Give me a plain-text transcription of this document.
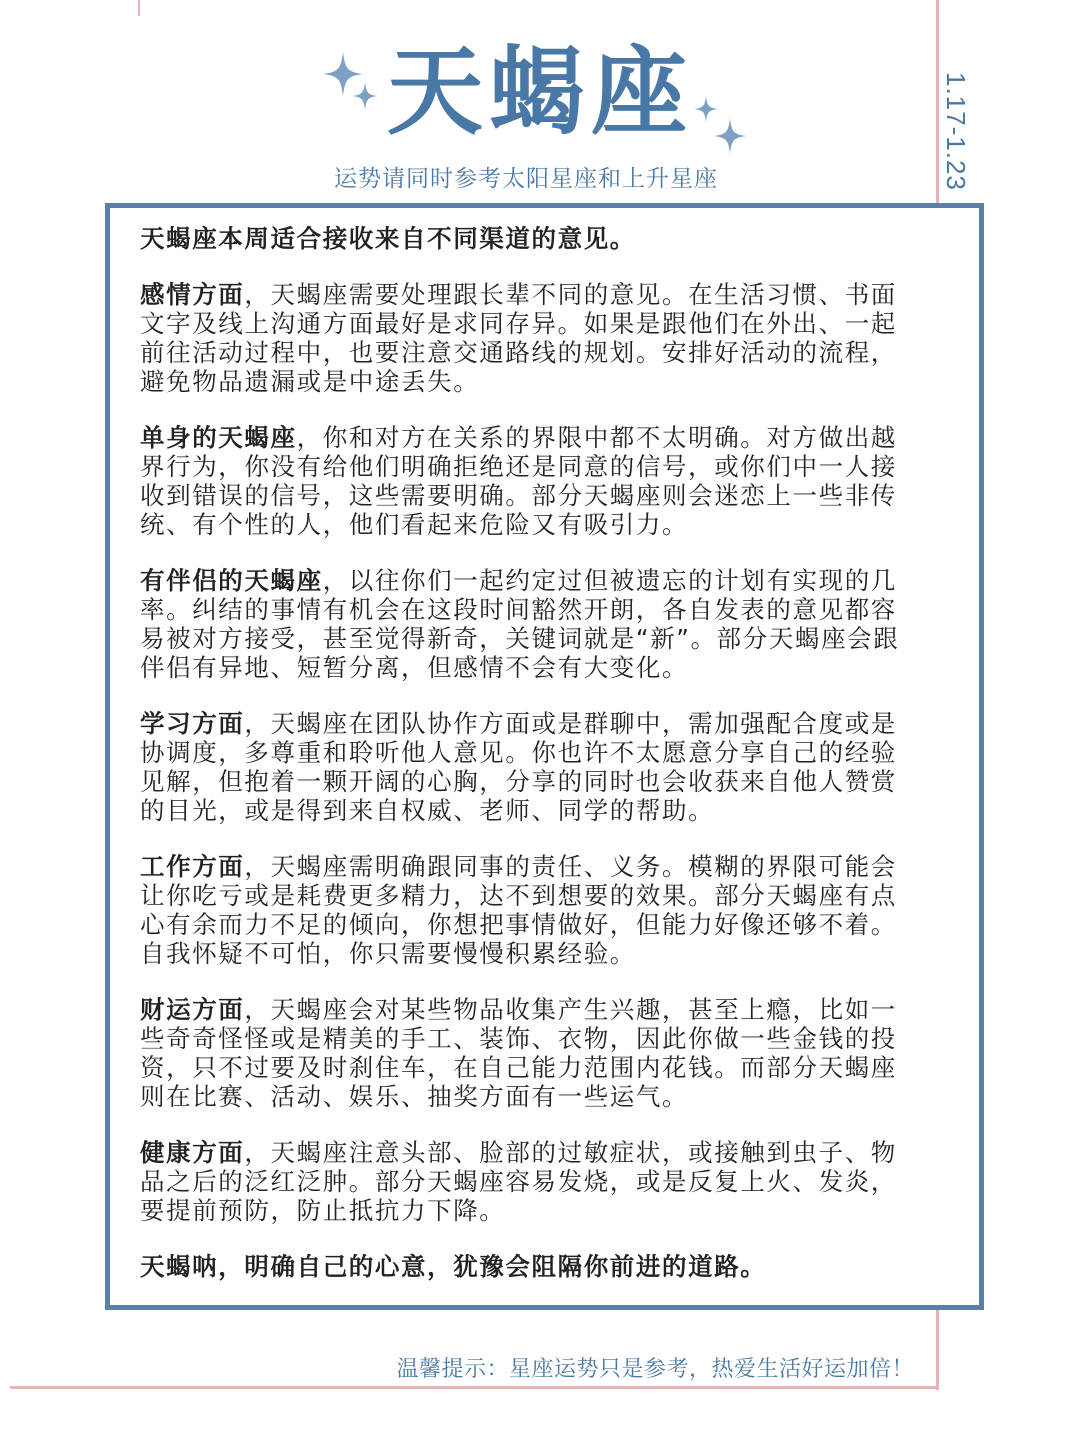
天蝎座
运势请同时参考太阳星座和上升星座	1.17-1.23

天蝎座本周适合接收来自不同渠道的意见。

感情方面，天蝎座需要处理跟长辈不同的意见。在生活习惯、书面文字及线上沟通方面最好是求同存异。如果是跟他们在外出、一起前往活动过程中，也要注意交通路线的规划。安排好活动的流程，避免物品遗漏或是中途丢失。

单身的天蝎座，你和对方在关系的界限中都不太明确。对方做出越界行为，你没有给他们明确拒绝还是同意的信号，或你们中一人接收到错误的信号，这些需要明确。部分天蝎座则会迷恋上一些非传统、有个性的人，他们看起来危险又有吸引力。

有伴侣的天蝎座，以往你们一起约定过但被遗忘的计划有实现的几率。纠结的事情有机会在这段时间豁然开朗，各自发表的意见都容易被对方接受，甚至觉得新奇，关键词就是“新”。部分天蝎座会跟伴侣有异地、短暂分离，但感情不会有大变化。

学习方面，天蝎座在团队协作方面或是群聊中，需加强配合度或是协调度，多尊重和聆听他人意见。你也许不太愿意分享自己的经验见解，但抱着一颗开阔的心胸，分享的同时也会收获来自他人赞赏的目光，或是得到来自权威、老师、同学的帮助。

工作方面，天蝎座需明确跟同事的责任、义务。模糊的界限可能会让你吃亏或是耗费更多精力，达不到想要的效果。部分天蝎座有点心有余而力不足的倾向，你想把事情做好，但能力好像还够不着。自我怀疑不可怕，你只需要慢慢积累经验。

财运方面，天蝎座会对某些物品收集产生兴趣，甚至上瘾，比如一些奇奇怪怪或是精美的手工、装饰、衣物，因此你做一些金钱的投资，只不过要及时刹住车，在自己能力范围内花钱。而部分天蝎座则在比赛、活动、娱乐、抽奖方面有一些运气。

健康方面，天蝎座注意头部、脸部的过敏症状，或接触到虫子、物品之后的泛红泛肿。部分天蝎座容易发烧，或是反复上火、发炎，要提前预防，防止抵抗力下降。

天蝎呐，明确自己的心意，犹豫会阻隔你前进的道路。

温馨提示：星座运势只是参考，热爱生活好运加倍！
